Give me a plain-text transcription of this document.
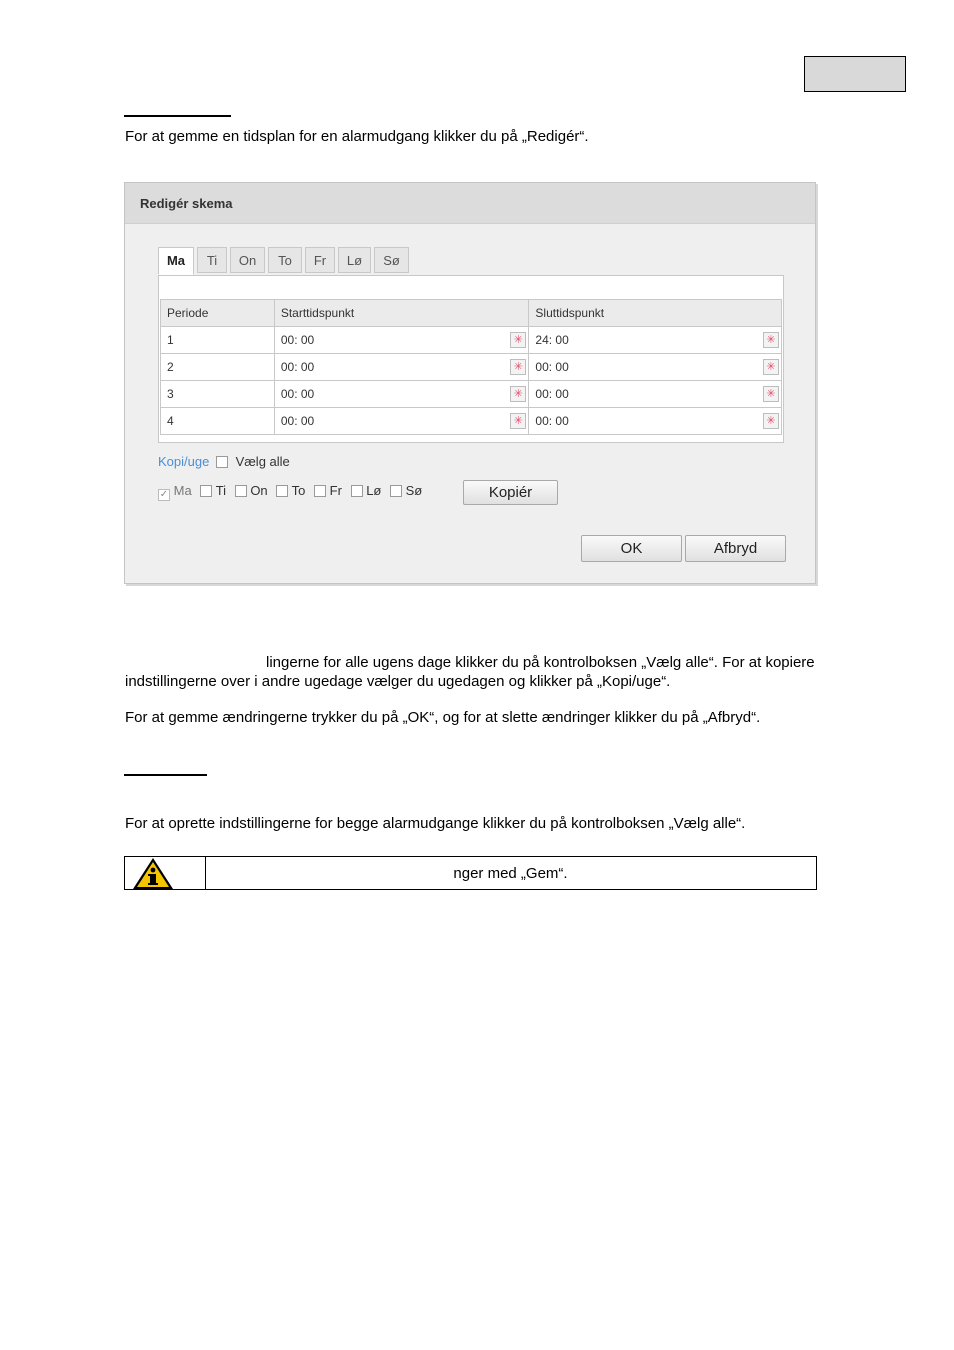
For at gemme en tidsplan for en alarmudgang klikker du på „Redigér“.
Redigér skema
Ma	Ti	On	To	Fr	Lø	Sø
Periode	Starttidspunkt	Sluttidspunkt
1	00: 00 ✳	24: 00 ✳

2	00: 00 ✳	00: 00 ✳

3	00: 00 ✳	00: 00 ✳

4	00: 00 ✳	00: 00 ✳
Kopi/uge Vælg alle
✓ Ma Ti On To Fr Lø Sø	Kopiér
OK	Afbryd
lingerne for alle ugens dage klikker du på kontrolboksen „Vælg alle“. For at kopiere
indstillingerne over i andre ugedage vælger du ugedagen og klikker på „Kopi/uge“.
For at gemme ændringerne trykker du på „OK“, og for at slette ændringer klikker du på „Afbryd“.
For at oprette indstillingerne for begge alarmudgange klikker du på kontrolboksen „Vælg alle“.
nger med „Gem“.
